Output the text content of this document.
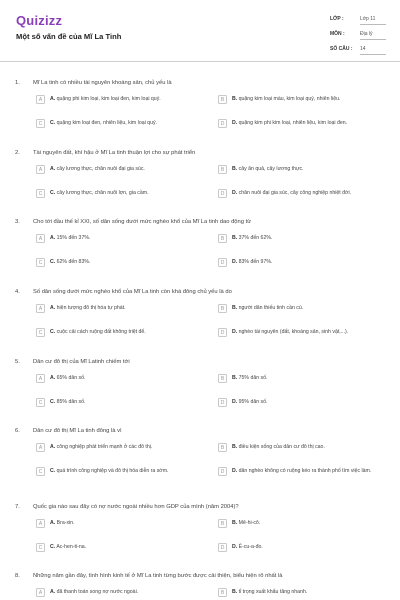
Quizizz
Một số vấn đề của Mĩ La Tinh
LỚP :	Lớp 11
MÔN :	Địa lý
SỐ CÂU : 14
1. Mĩ La tinh có nhiều tài nguyên khoáng sản, chủ yếu là
A	A. quặng phi kim loại, kim loại đen, kim loại quý.	B	B. quặng kim loại màu, kim loại quý, nhiên liệu.
C	C. quặng kim loại đen, nhiên liệu, kim loại quý.	D	D. quặng kim phi kim loại, nhiên liệu, kim loại đen.
2. Tài nguyên đất, khí hậu ở Mĩ La tinh thuận lợi cho sự phát triển
A	A. cây lương thực, chăn nuôi đại gia súc.	B	B. cây ăn quả, cây lương thực.
C	C. cây lương thực, chăn nuôi lợn, gia cầm.	D	D. chăn nuôi đại gia súc, cây công nghiệp nhiệt đới.
3. Cho tới đầu thế kỉ XXI, số dân sống dưới mức nghèo khổ của Mĩ La tinh dao động từ
A	A. 15% đến 37%.	B	B. 37% đến 62%.
C	C. 62% đến 83%.	D	D. 83% đến 97%.
4. Số dân sống dưới mức nghèo khổ của Mĩ La tinh còn khá đông chủ yếu là do
A	A. hiện tượng đô thị hóa tự phát.	B	B. người dân thiếu tinh cần cù.
C	C. cuộc cải cách ruộng đất không triệt để.	D	D. nghèo tài nguyên (đất, khoáng sản, sinh vật,...).
5. Dân cư đô thị của Mĩ Latinh chiếm tới
A	A. 65% dân số.	B	B. 75% dân số.
C	C. 85% dân số.	D	D. 95% dân số.
6. Dân cư đô thị Mĩ La tinh đông là vì
A	A. công nghiệp phát triển mạnh ở các đô thị.	B	B. điều kiện sống của dân cư đô thị cao.
C	C. quá trình công nghiệp và đô thị hóa diễn ra sớm.	D	D. dân nghèo không có ruộng kéo ra thành phố tìm việc làm.
7. Quốc gia nào sau đây có nợ nước ngoài nhiều hơn GDP của mình (năm 2004)?
A	A. Bra-xin.	B	B. Mê-hi-cô.
C	C. Ac-hen-ti-na.	D	D. Ê-cu-a-đo.
8. Những năm gần đây, tình hình kinh tế ở Mĩ La tinh từng bước được cải thiện, biểu hiện rõ nhất là
A	A. đã thanh toán song nợ nước ngoài.	B	B. tỉ trọng xuất khẩu tăng nhanh.
